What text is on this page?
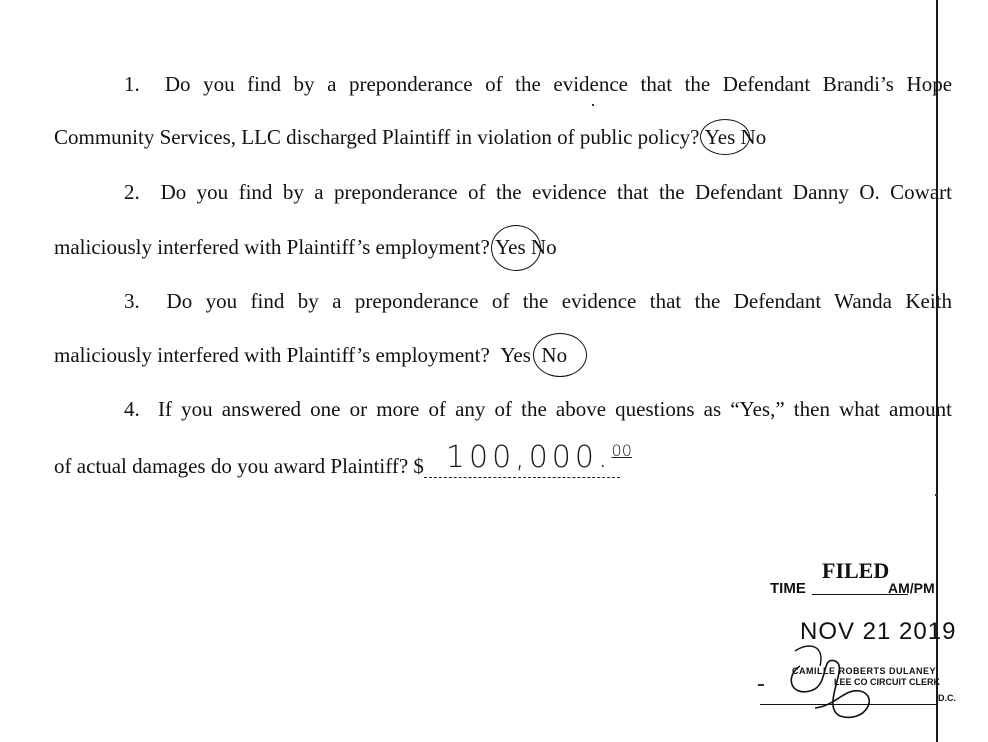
1. Do you find by a preponderance of the evidence that the Defendant Brandi’s Hope
Community Services, LLC discharged Plaintiff in violation of public policy? Yes No
2. Do you find by a preponderance of the evidence that the Defendant Danny O. Cowart
maliciously interfered with Plaintiff’s employment? Yes No
3. Do you find by a preponderance of the evidence that the Defendant Wanda Keith
maliciously interfered with Plaintiff’s employment? Yes No
4. If you answered one or more of any of the above questions as “Yes,” then what amount
of actual damages do you award Plaintiff? $ 100,000.00
FILED
TIME	AM/PM
NOV 21 2019
CAMILLE ROBERTS DULANEY
LEE CO CIRCUIT CLERK
D.C.
